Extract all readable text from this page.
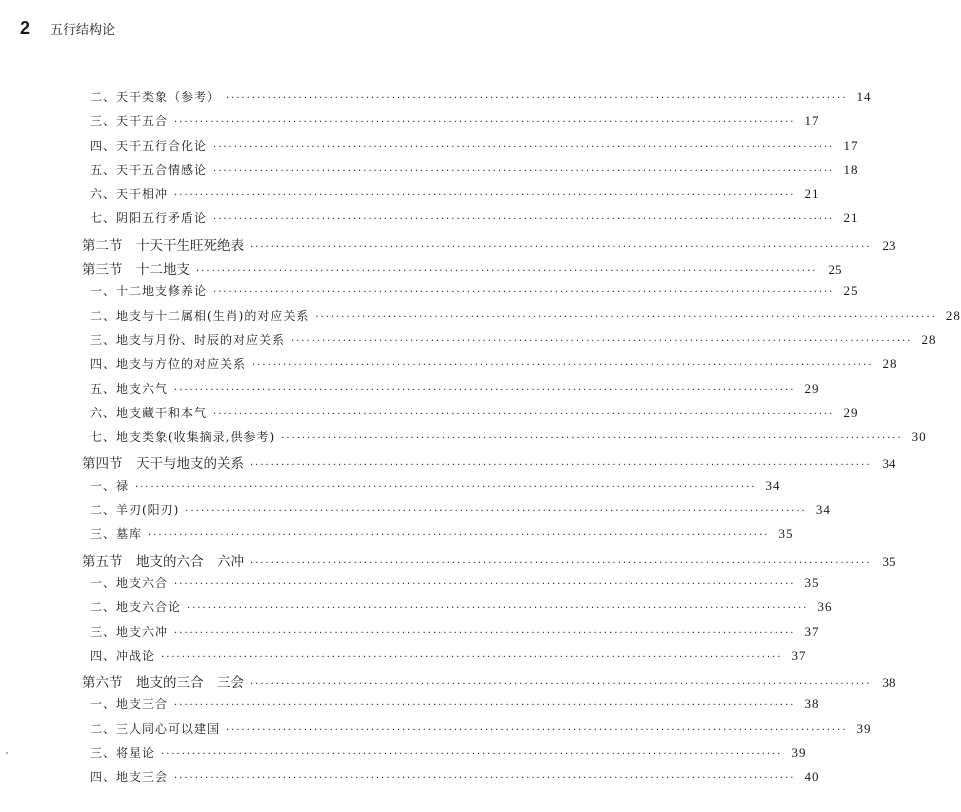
2 五行结构论
二、天干类象（参考） ························································································································ 14
三、天干五合 ························································································································ 17
四、天干五行合化论 ························································································································ 17
五、天干五合情感论 ························································································································ 18
六、天干相冲 ························································································································ 21
七、阴阳五行矛盾论 ························································································································ 21
第二节　十天干生旺死绝表 ························································································································ 23
第三节　十二地支 ························································································································ 25
一、十二地支修养论 ························································································································ 25
二、地支与十二属相(生肖)的对应关系 ························································································································ 28
三、地支与月份、时辰的对应关系 ························································································································ 28
四、地支与方位的对应关系 ························································································································ 28
五、地支六气 ························································································································ 29
六、地支藏干和本气 ························································································································ 29
七、地支类象(收集摘录,供参考) ························································································································ 30
第四节　天干与地支的关系 ························································································································ 34
一、禄 ························································································································ 34
二、羊刃(阳刃) ························································································································ 34
三、墓库 ························································································································ 35
第五节　地支的六合　六冲 ························································································································ 35
一、地支六合 ························································································································ 35
二、地支六合论 ························································································································ 36
三、地支六冲 ························································································································ 37
四、冲战论 ························································································································ 37
第六节　地支的三合　三会 ························································································································ 38
一、地支三合 ························································································································ 38
二、三人同心可以建国 ························································································································ 39
三、将星论 ························································································································ 39
四、地支三会 ························································································································ 40
